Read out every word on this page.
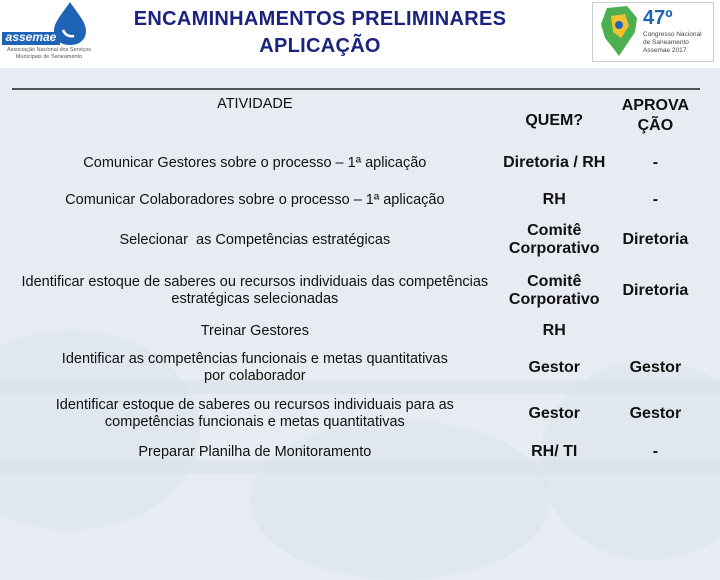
assemae
Associação Nacional dos Serviços
Municipais de Saneamento
ENCAMINHAMENTOS PRELIMINARES
APLICAÇÃO
47º
Congresso Nacional
de Saneamento
Assemae 2017
ATIVIDADE	QUEM?	APROVA
ÇÃO
Comunicar Gestores sobre o processo – 1ª aplicação	Diretoria / RH	-
Comunicar Colaboradores sobre o processo – 1ª aplicação	RH	-
Selecionar  as Competências estratégicas	Comitê Corporativo	Diretoria
Identificar estoque de saberes ou recursos individuais das competências estratégicas selecionadas	Comitê Corporativo	Diretoria
Treinar Gestores	RH	
Identificar as competências funcionais e metas quantitativas por colaborador	Gestor	Gestor
Identificar estoque de saberes ou recursos individuais para as competências funcionais e metas quantitativas	Gestor	Gestor
Preparar Planilha de Monitoramento	RH/ TI	-
